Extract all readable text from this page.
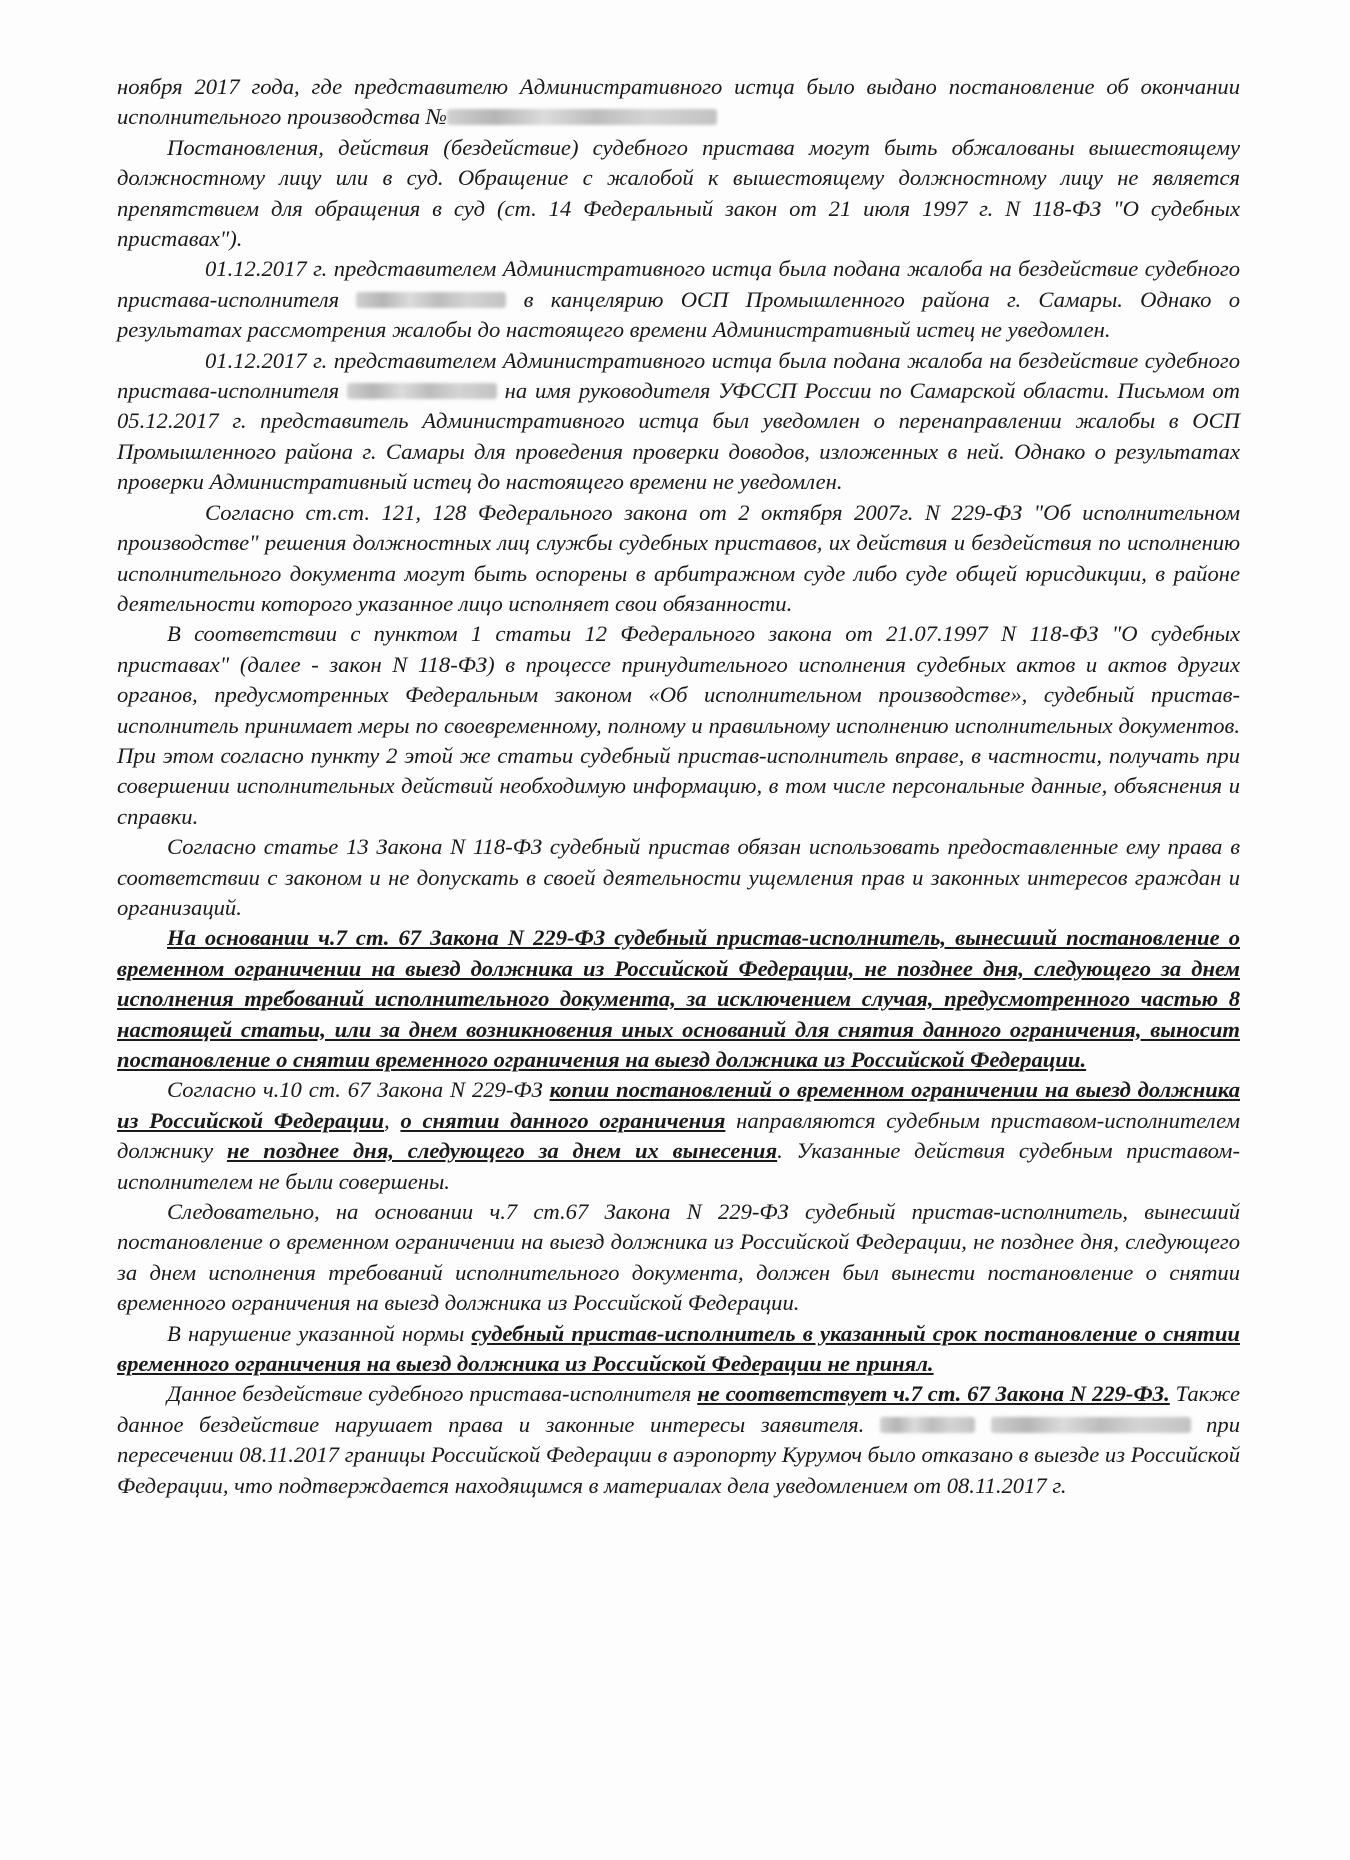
ноября 2017 года, где представителю Административного истца было выдано постановление об окончании исполнительного производства №

Постановления, действия (бездействие) судебного пристава могут быть обжалованы вышестоящему должностному лицу или в суд. Обращение с жалобой к вышестоящему должностному лицу не является препятствием для обращения в суд (ст. 14 Федеральный закон от 21 июля 1997 г. N 118-ФЗ "О судебных приставах").

01.12.2017 г. представителем Административного истца была подана жалоба на бездействие судебного пристава-исполнителя	в канцелярию ОСП Промышленного района г. Самары. Однако о результатах рассмотрения жалобы до настоящего времени Административный истец не уведомлен.

01.12.2017 г. представителем Административного истца была подана жалоба на бездействие судебного пристава-исполнителя	на имя руководителя УФССП России по Самарской области. Письмом от 05.12.2017 г. представитель Административного истца был уведомлен о перенаправлении жалобы в ОСП Промышленного района г. Самары для проведения проверки доводов, изложенных в ней. Однако о результатах проверки Административный истец до настоящего времени не уведомлен.

Согласно ст.ст. 121, 128 Федерального закона от 2 октября 2007г. N 229-ФЗ "Об исполнительном производстве" решения должностных лиц службы судебных приставов, их действия и бездействия по исполнению исполнительного документа могут быть оспорены в арбитражном суде либо суде общей юрисдикции, в районе деятельности которого указанное лицо исполняет свои обязанности.

В соответствии с пунктом 1 статьи 12 Федерального закона от 21.07.1997 N 118-ФЗ "О судебных приставах" (далее - закон N 118-ФЗ) в процессе принудительного исполнения судебных актов и актов других органов, предусмотренных Федеральным законом «Об исполнительном производстве», судебный пристав-исполнитель принимает меры по своевременному, полному и правильному исполнению исполнительных документов. При этом согласно пункту 2 этой же статьи судебный пристав-исполнитель вправе, в частности, получать при совершении исполнительных действий необходимую информацию, в том числе персональные данные, объяснения и справки.

Согласно статье 13 Закона N 118-ФЗ судебный пристав обязан использовать предоставленные ему права в соответствии с законом и не допускать в своей деятельности ущемления прав и законных интересов граждан и организаций.

На основании ч.7 ст. 67 Закона N 229-ФЗ судебный пристав-исполнитель, вынесший постановление о временном ограничении на выезд должника из Российской Федерации, не позднее дня, следующего за днем исполнения требований исполнительного документа, за исключением случая, предусмотренного частью 8 настоящей статьи, или за днем возникновения иных оснований для снятия данного ограничения, выносит постановление о снятии временного ограничения на выезд должника из Российской Федерации.

Согласно ч.10 ст. 67 Закона N 229-ФЗ копии постановлений о временном ограничении на выезд должника из Российской Федерации, о снятии данного ограничения направляются судебным приставом-исполнителем должнику не позднее дня, следующего за днем их вынесения. Указанные действия судебным приставом-исполнителем не были совершены.

Следовательно, на основании ч.7 ст.67 Закона N 229-ФЗ судебный пристав-исполнитель, вынесший постановление о временном ограничении на выезд должника из Российской Федерации, не позднее дня, следующего за днем исполнения требований исполнительного документа, должен был вынести постановление о снятии временного ограничения на выезд должника из Российской Федерации.

В нарушение указанной нормы судебный пристав-исполнитель в указанный срок постановление о снятии временного ограничения на выезд должника из Российской Федерации не принял.

Данное бездействие судебного пристава-исполнителя не соответствует ч.7 ст. 67 Закона N 229-ФЗ. Также данное бездействие нарушает права и законные интересы заявителя.	при пересечении 08.11.2017 границы Российской Федерации в аэропорту Курумоч было отказано в выезде из Российской Федерации, что подтверждается находящимся в материалах дела уведомлением от 08.11.2017 г.
